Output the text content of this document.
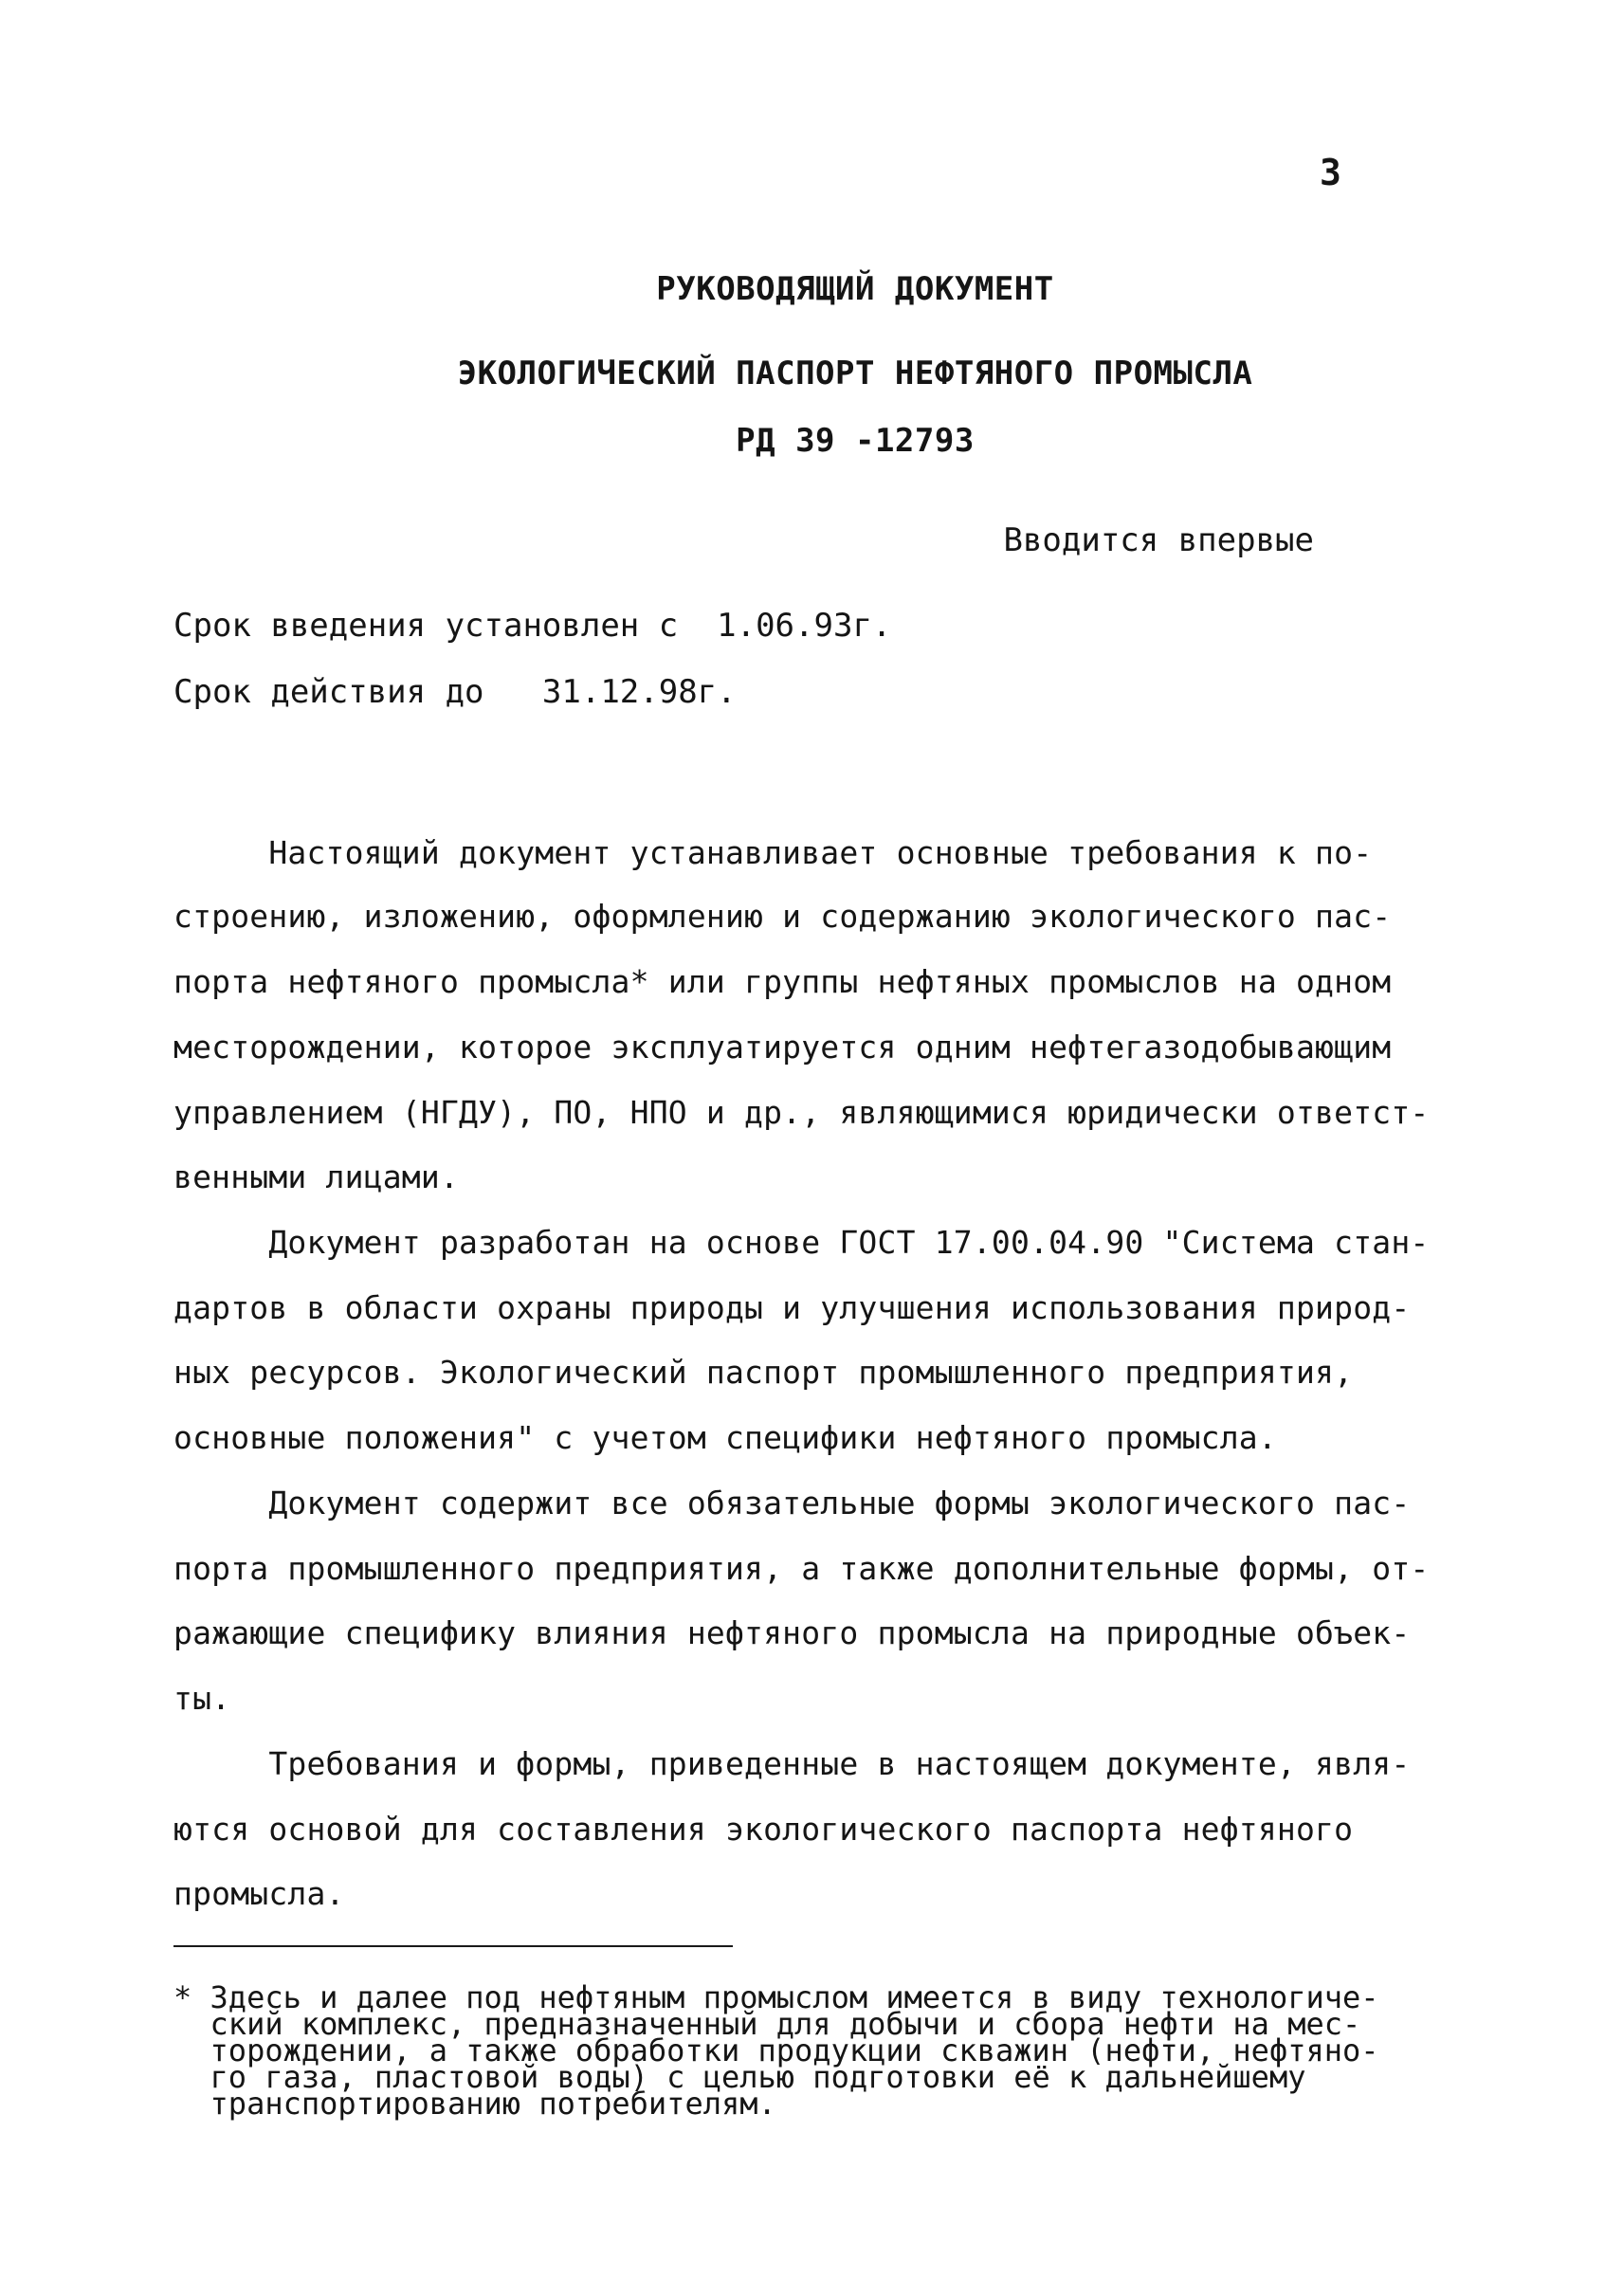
3
РУКОВОДЯЩИЙ ДОКУМЕНТ
ЭКОЛОГИЧЕСКИЙ ПАСПОРТ НЕФТЯНОГО ПРОМЫСЛА
РД 39 -12793
Вводится впервые
Срок введения установлен с  1.06.93г.
Срок действия до   31.12.98г.
Настоящий документ устанавливает основные требования к по-
строению, изложению, оформлению и содержанию экологического пас-
порта нефтяного промысла* или группы нефтяных промыслов на одном
месторождении, которое эксплуатируется одним нефтегазодобывающим
управлением (НГДУ), ПО, НПО и др., являющимися юридически ответст-
венными лицами.
Документ разработан на основе ГОСТ 17.00.04.90 "Система стан-
дартов в области охраны природы и улучшения использования природ-
ных ресурсов. Экологический паспорт промышленного предприятия,
основные положения" с учетом специфики нефтяного промысла.
Документ содержит все обязательные формы экологического пас-
порта промышленного предприятия, а также дополнительные формы, от-
ражающие специфику влияния нефтяного промысла на природные объек-
ты.
Требования и формы, приведенные в настоящем документе, явля-
ются основой для составления экологического паспорта нефтяного
промысла.
* Здесь и далее под нефтяным промыслом имеется в виду технологиче-
ский комплекс, предназначенный для добычи и сбора нефти на мес-
торождении, а также обработки продукции скважин (нефти, нефтяно-
го газа, пластовой воды) с целью подготовки её к дальнейшему
транспортированию потребителям.
